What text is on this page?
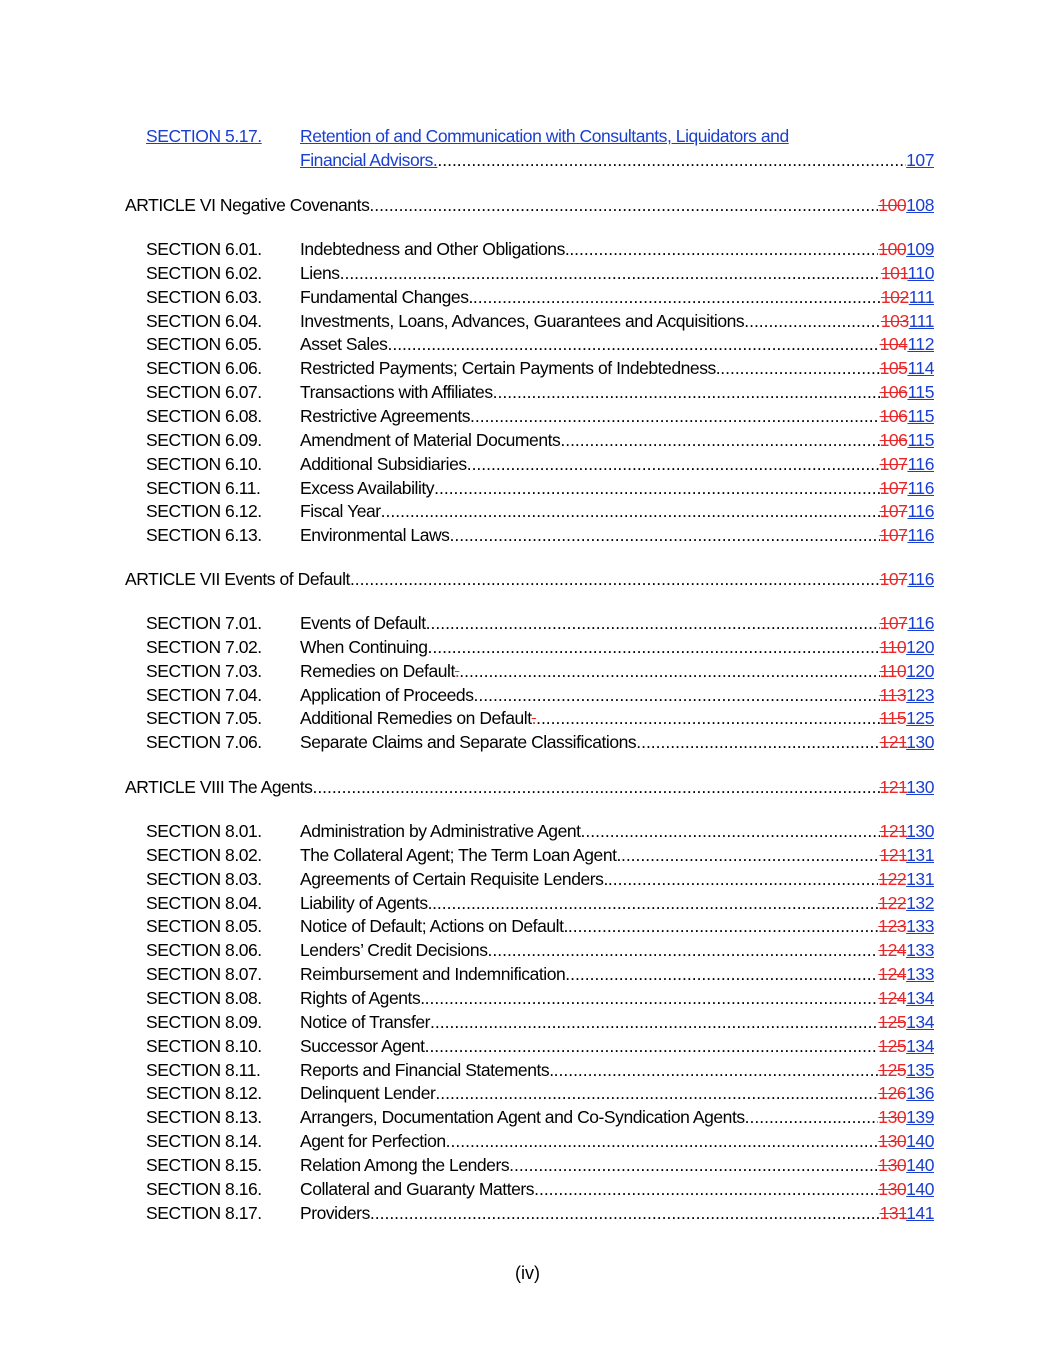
SECTION 5.17. Retention of and Communication with Consultants, Liquidators and
Financial Advisors. .....	107
ARTICLE VI Negative Covenants .....	100108
SECTION 6.01. Indebtedness and Other Obligations. .....	100109
SECTION 6.02. Liens .....	101110
SECTION 6.03. Fundamental Changes. .....	102111
SECTION 6.04. Investments, Loans, Advances, Guarantees and Acquisitions .....	103111
SECTION 6.05. Asset Sales .....	104112
SECTION 6.06. Restricted Payments; Certain Payments of Indebtedness. .....	105114
SECTION 6.07. Transactions with Affiliates .....	106115
SECTION 6.08. Restrictive Agreements .....	106115
SECTION 6.09. Amendment of Material Documents .....	106115
SECTION 6.10. Additional Subsidiaries .....	107116
SECTION 6.11. Excess Availability .....	107116
SECTION 6.12. Fiscal Year .....	107116
SECTION 6.13. Environmental Laws .....	107116
ARTICLE VII Events of Default .....	107116
SECTION 7.01. Events of Default .....	107116
SECTION 7.02. When Continuing .....	110120
SECTION 7.03. Remedies on Default. .....	110120
SECTION 7.04. Application of Proceeds .....	113123
SECTION 7.05. Additional Remedies on Default. .....	115125
SECTION 7.06. Separate Claims and Separate Classifications .....	121130
ARTICLE VIII The Agents .....	121130
SECTION 8.01. Administration by Administrative Agent .....	121130
SECTION 8.02. The Collateral Agent; The Term Loan Agent. .....	121131
SECTION 8.03. Agreements of Certain Requisite Lenders. .....	122131
SECTION 8.04. Liability of Agents. .....	122132
SECTION 8.05. Notice of Default; Actions on Default. .....	123133
SECTION 8.06. Lenders’ Credit Decisions .....	124133
SECTION 8.07. Reimbursement and Indemnification .....	124133
SECTION 8.08. Rights of Agents. .....	124134
SECTION 8.09. Notice of Transfer .....	125134
SECTION 8.10. Successor Agent .....	125134
SECTION 8.11. Reports and Financial Statements. .....	125135
SECTION 8.12. Delinquent Lender .....	126136
SECTION 8.13. Arrangers, Documentation Agent and Co-Syndication Agents .....	130139
SECTION 8.14. Agent for Perfection .....	130140
SECTION 8.15. Relation Among the Lenders .....	130140
SECTION 8.16. Collateral and Guaranty Matters .....	130140
SECTION 8.17. Providers .....	131141
(iv)
